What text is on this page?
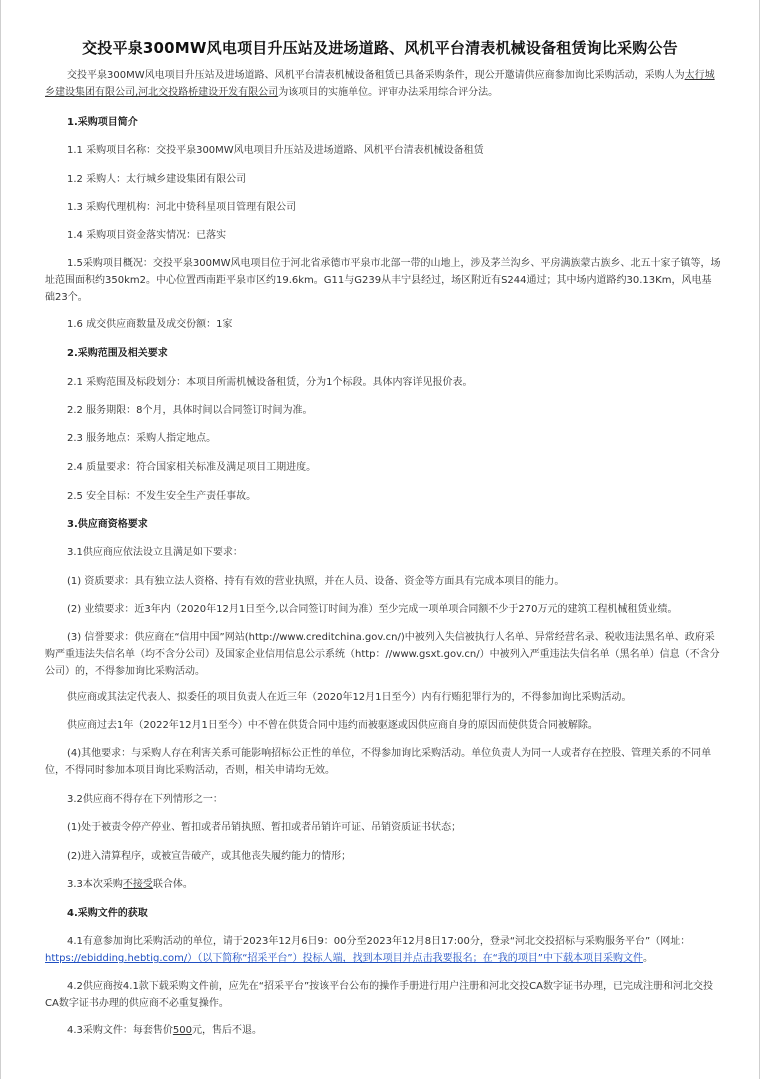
交投平泉300MW风电项目升压站及进场道路、风机平台清表机械设备租赁询比采购公告
交投平泉300MW风电项目升压站及进场道路、风机平台清表机械设备租赁已具备采购条件，现公开邀请供应商参加询比采购活动，采购人为太行城乡建设集团有限公司,河北交投路桥建设开发有限公司为该项目的实施单位。评审办法采用综合评分法。
1.采购项目简介
1.1 采购项目名称：交投平泉300MW风电项目升压站及进场道路、风机平台清表机械设备租赁
1.2 采购人：太行城乡建设集团有限公司
1.3 采购代理机构：河北中贽科星项目管理有限公司
1.4 采购项目资金落实情况：已落实
1.5采购项目概况：交投平泉300MW风电项目位于河北省承德市平泉市北部一带的山地上，涉及茅兰沟乡、平房满族蒙古族乡、北五十家子镇等，场址范围面积约350km2。中心位置西南距平泉市区约19.6km。G11与G239从丰宁县经过，场区附近有S244通过；其中场内道路约30.13Km，风电基础23个。
1.6 成交供应商数量及成交份额：1家
2.采购范围及相关要求
2.1 采购范围及标段划分：本项目所需机械设备租赁，分为1个标段。具体内容详见报价表。
2.2 服务期限：8个月，具体时间以合同签订时间为准。
2.3 服务地点：采购人指定地点。
2.4 质量要求：符合国家相关标准及满足项目工期进度。
2.5 安全目标：不发生安全生产责任事故。
3.供应商资格要求
3.1供应商应依法设立且满足如下要求：
(1) 资质要求：具有独立法人资格、持有有效的营业执照，并在人员、设备、资金等方面具有完成本项目的能力。
(2) 业绩要求：近3年内（2020年12月1日至今,以合同签订时间为准）至少完成一项单项合同额不少于270万元的建筑工程机械租赁业绩。
(3) 信誉要求：供应商在“信用中国”网站(http://www.creditchina.gov.cn/)中被列入失信被执行人名单、异常经营名录、税收违法黑名单、政府采购严重违法失信名单（均不含分公司）及国家企业信用信息公示系统（http：//www.gsxt.gov.cn/）中被列入严重违法失信名单（黑名单）信息（不含分公司）的，不得参加询比采购活动。
供应商或其法定代表人、拟委任的项目负责人在近三年（2020年12月1日至今）内有行贿犯罪行为的，不得参加询比采购活动。
供应商过去1年（2022年12月1日至今）中不曾在供货合同中违约而被驱逐或因供应商自身的原因而使供货合同被解除。
(4)其他要求：与采购人存在利害关系可能影响招标公正性的单位，不得参加询比采购活动。单位负责人为同一人或者存在控股、管理关系的不同单位，不得同时参加本项目询比采购活动，否则，相关申请均无效。
3.2供应商不得存在下列情形之一：
(1)处于被责令停产停业、暂扣或者吊销执照、暂扣或者吊销许可证、吊销资质证书状态；
(2)进入清算程序，或被宣告破产，或其他丧失履约能力的情形；
3.3本次采购不接受联合体。
4.采购文件的获取
4.1有意参加询比采购活动的单位，请于2023年12月6日9：00分至2023年12月8日17:00分，登录“河北交投招标与采购服务平台”（网址：https://ebidding.hebtig.com/）（以下简称“招采平台”）投标人端，找到本项目并点击我要报名；在“我的项目”中下载本项目采购文件。
4.2供应商按4.1款下载采购文件前，应先在“招采平台”按该平台公布的操作手册进行用户注册和河北交投CA数字证书办理，已完成注册和河北交投CA数字证书办理的供应商不必重复操作。
4.3采购文件：每套售价500元，售后不退。
